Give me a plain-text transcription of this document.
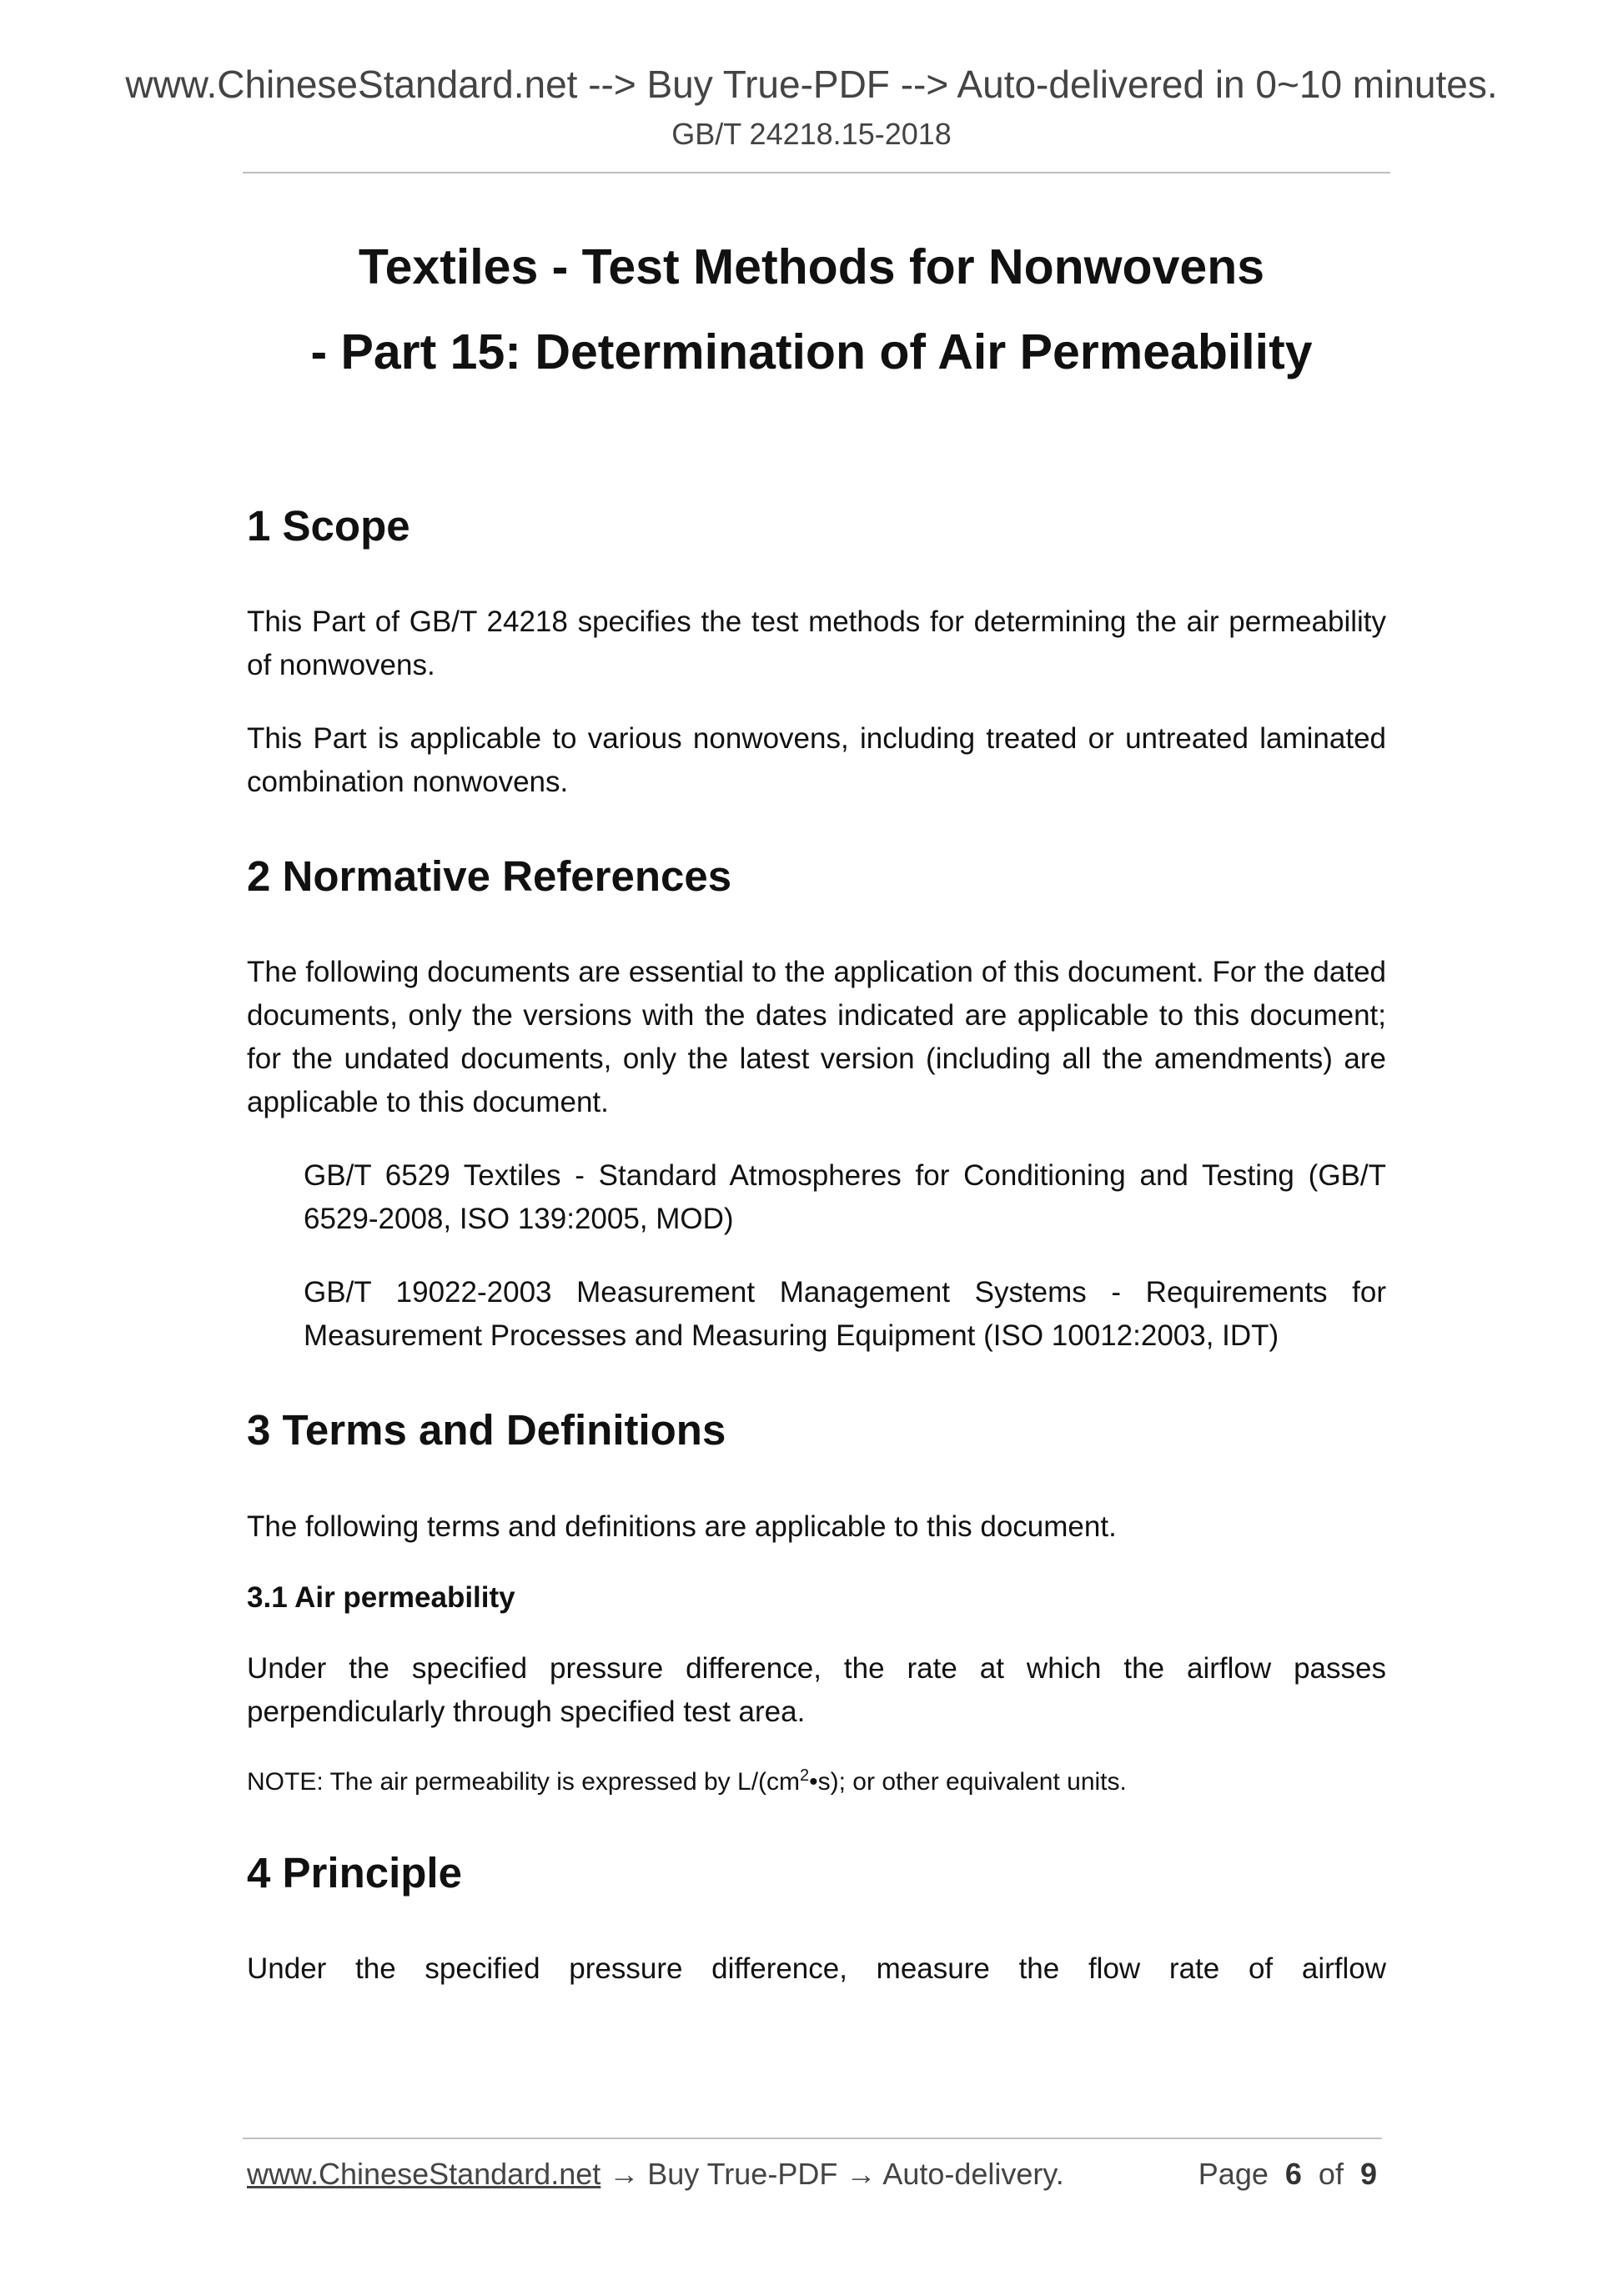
www.ChineseStandard.net --> Buy True-PDF --> Auto-delivered in 0~10 minutes.
GB/T 24218.15-2018
Textiles - Test Methods for Nonwovens
- Part 15: Determination of Air Permeability
1 Scope

This Part of GB/T 24218 specifies the test methods for determining the air permeability of nonwovens.

This Part is applicable to various nonwovens, including treated or untreated laminated combination nonwovens.

2 Normative References

The following documents are essential to the application of this document. For the dated documents, only the versions with the dates indicated are applicable to this document; for the undated documents, only the latest version (including all the amendments) are applicable to this document.

GB/T 6529 Textiles - Standard Atmospheres for Conditioning and Testing (GB/T 6529-2008, ISO 139:2005, MOD)

GB/T 19022-2003 Measurement Management Systems - Requirements for Measurement Processes and Measuring Equipment (ISO 10012:2003, IDT)

3 Terms and Definitions

The following terms and definitions are applicable to this document.

3.1 Air permeability

Under the specified pressure difference, the rate at which the airflow passes perpendicularly through specified test area.

NOTE: The air permeability is expressed by $L/(cm^2•s)$; or other equivalent units.

4 Principle

Under the specified pressure difference, measure the flow rate of airflow

www.ChineseStandard.net → Buy True-PDF → Auto-delivery.	Page 6 of 9
